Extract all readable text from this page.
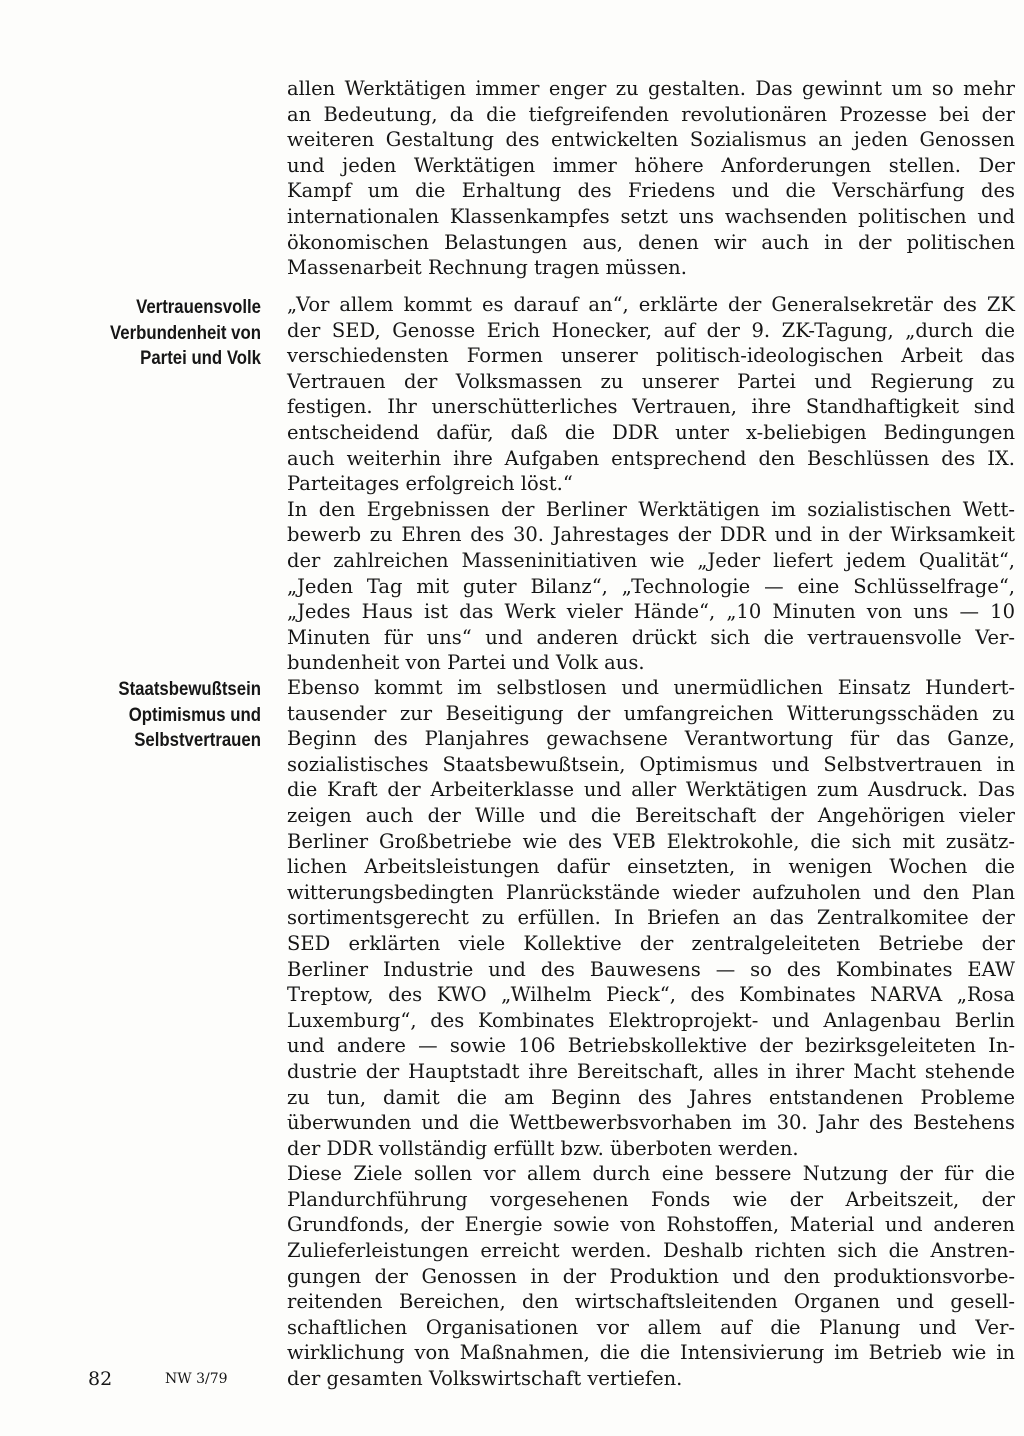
allen Werktätigen immer enger zu gestalten. Das gewinnt um so mehr
an Bedeutung, da die tiefgreifenden revolutionären Prozesse bei der
weiteren Gestaltung des entwickelten Sozialismus an jeden Genossen
und jeden Werktätigen immer höhere Anforderungen stellen. Der
Kampf um die Erhaltung des Friedens und die Verschärfung des
internationalen Klassenkampfes setzt uns wachsenden politischen und
ökonomischen Belastungen aus, denen wir auch in der politischen
Massenarbeit Rechnung tragen müssen.
Vertrauensvolle
Verbundenheit von
Partei und Volk
„Vor allem kommt es darauf an“, erklärte der Generalsekretär des ZK
der SED, Genosse Erich Honecker, auf der 9. ZK-Tagung, „durch die
verschiedensten Formen unserer politisch-ideologischen Arbeit das
Vertrauen der Volksmassen zu unserer Partei und Regierung zu
festigen. Ihr unerschütterliches Vertrauen, ihre Standhaftigkeit sind
entscheidend dafür, daß die DDR unter x-beliebigen Bedingungen
auch weiterhin ihre Aufgaben entsprechend den Beschlüssen des IX.
Parteitages erfolgreich löst.“
In den Ergebnissen der Berliner Werktätigen im sozialistischen Wett-
bewerb zu Ehren des 30. Jahrestages der DDR und in der Wirksamkeit
der zahlreichen Masseninitiativen wie „Jeder liefert jedem Qualität“,
„Jeden Tag mit guter Bilanz“, „Technologie — eine Schlüsselfrage“,
„Jedes Haus ist das Werk vieler Hände“, „10 Minuten von uns — 10
Minuten für uns“ und anderen drückt sich die vertrauensvolle Ver-
bundenheit von Partei und Volk aus.
Staatsbewußtsein
Optimismus und
Selbstvertrauen
Ebenso kommt im selbstlosen und unermüdlichen Einsatz Hundert-
tausender zur Beseitigung der umfangreichen Witterungsschäden zu
Beginn des Planjahres gewachsene Verantwortung für das Ganze,
sozialistisches Staatsbewußtsein, Optimismus und Selbstvertrauen in
die Kraft der Arbeiterklasse und aller Werktätigen zum Ausdruck. Das
zeigen auch der Wille und die Bereitschaft der Angehörigen vieler
Berliner Großbetriebe wie des VEB Elektrokohle, die sich mit zusätz-
lichen Arbeitsleistungen dafür einsetzten, in wenigen Wochen die
witterungsbedingten Planrückstände wieder aufzuholen und den Plan
sortimentsgerecht zu erfüllen. In Briefen an das Zentralkomitee der
SED erklärten viele Kollektive der zentralgeleiteten Betriebe der
Berliner Industrie und des Bauwesens — so des Kombinates EAW
Treptow, des KWO „Wilhelm Pieck“, des Kombinates NARVA „Rosa
Luxemburg“, des Kombinates Elektroprojekt- und Anlagenbau Berlin
und andere — sowie 106 Betriebskollektive der bezirksgeleiteten In-
dustrie der Hauptstadt ihre Bereitschaft, alles in ihrer Macht stehende
zu tun, damit die am Beginn des Jahres entstandenen Probleme
überwunden und die Wettbewerbsvorhaben im 30. Jahr des Bestehens
der DDR vollständig erfüllt bzw. überboten werden.
Diese Ziele sollen vor allem durch eine bessere Nutzung der für die
Plandurchführung vorgesehenen Fonds wie der Arbeitszeit, der
Grundfonds, der Energie sowie von Rohstoffen, Material und anderen
Zulieferleistungen erreicht werden. Deshalb richten sich die Anstren-
gungen der Genossen in der Produktion und den produktionsvorbe-
reitenden Bereichen, den wirtschaftsleitenden Organen und gesell-
schaftlichen Organisationen vor allem auf die Planung und Ver-
wirklichung von Maßnahmen, die die Intensivierung im Betrieb wie in
der gesamten Volkswirtschaft vertiefen.
82	NW 3/79
